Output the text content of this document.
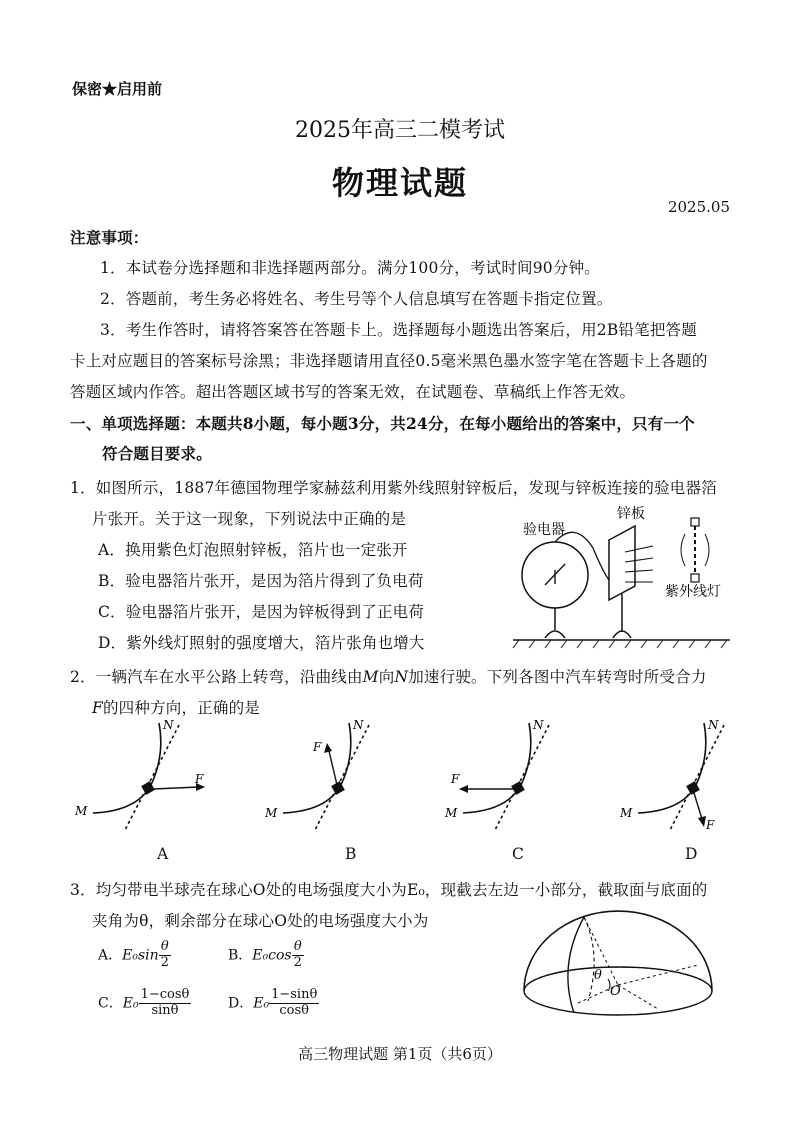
保密★启用前
2025年高三二模考试
物理试题
2025.05
注意事项：
1．本试卷分选择题和非选择题两部分。满分100分，考试时间90分钟。
2．答题前，考生务必将姓名、考生号等个人信息填写在答题卡指定位置。
3．考生作答时，请将答案答在答题卡上。选择题每小题选出答案后，用2B铅笔把答题
卡上对应题目的答案标号涂黑；非选择题请用直径0.5毫米黑色墨水签字笔在答题卡上各题的
答题区域内作答。超出答题区域书写的答案无效，在试题卷、草稿纸上作答无效。
一、单项选择题：本题共8小题，每小题3分，共24分，在每小题给出的答案中，只有一个
符合题目要求。
1．如图所示，1887年德国物理学家赫兹利用紫外线照射锌板后，发现与锌板连接的验电器箔
片张开。关于这一现象，下列说法中正确的是
A．换用紫色灯泡照射锌板，箔片也一定张开
B．验电器箔片张开，是因为箔片得到了负电荷
C．验电器箔片张开，是因为锌板得到了正电荷
D．紫外线灯照射的强度增大，箔片张角也增大
验电器
锌板
紫外线灯
2．一辆汽车在水平公路上转弯，沿曲线由M向N加速行驶。下列各图中汽车转弯时所受合力
F的四种方向，正确的是
F
M
N
A
F
M
N
B
F
M
N
C
F
M
N
D
3．均匀带电半球壳在球心O处的电场强度大小为E₀，现截去左边一小部分，截取面与底面的
夹角为θ，剩余部分在球心O处的电场强度大小为
A．$E_0\sin \frac{\theta}{2}$	B．$E_0\cos \frac{\theta}{2}$
C．$E_0 \frac{1-\cos\theta}{\sin\theta}$	D．$E_0 \frac{1-\sin\theta}{\cos\theta}$
θ
O
高三物理试题 第1页（共6页）
